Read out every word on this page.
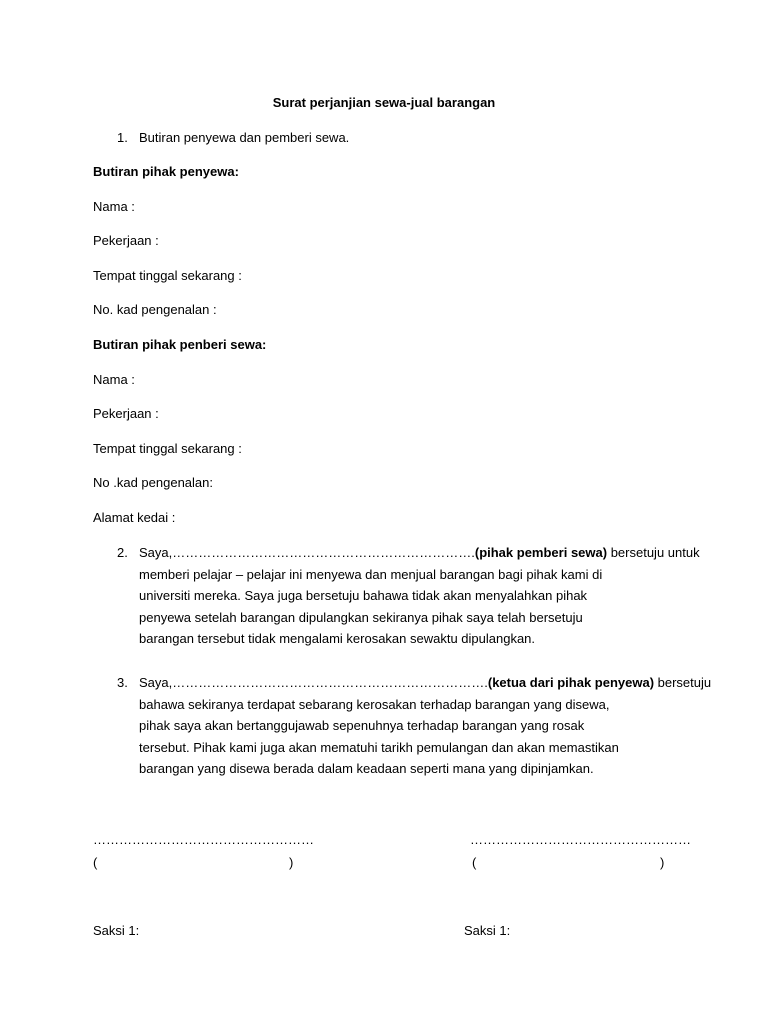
Surat perjanjian sewa-jual barangan
1. Butiran penyewa dan pemberi sewa.
Butiran pihak penyewa:
Nama :
Pekerjaan :
Tempat tinggal sekarang :
No. kad pengenalan :
Butiran pihak penberi sewa:
Nama :
Pekerjaan :
Tempat tinggal sekarang :
No .kad pengenalan:
Alamat kedai :
2. Saya,…………………………………………………………….(pihak pemberi sewa) bersetuju untuk
memberi pelajar – pelajar ini menyewa dan menjual barangan bagi pihak kami di
universiti mereka. Saya juga bersetuju bahawa tidak akan menyalahkan pihak
penyewa setelah barangan dipulangkan sekiranya pihak saya telah bersetuju
barangan tersebut tidak mengalami kerosakan sewaktu dipulangkan.
3. Saya,……………………………………………………………….(ketua dari pihak penyewa) bersetuju
bahawa sekiranya terdapat sebarang kerosakan terhadap barangan yang disewa,
pihak saya akan bertanggujawab sepenuhnya terhadap barangan yang rosak
tersebut. Pihak kami juga akan mematuhi tarikh pemulangan dan akan memastikan
barangan yang disewa berada dalam keadaan seperti mana yang dipinjamkan.
……………………………………………	……………………………………………
(	)	(	)
Saksi 1:	Saksi 1:
